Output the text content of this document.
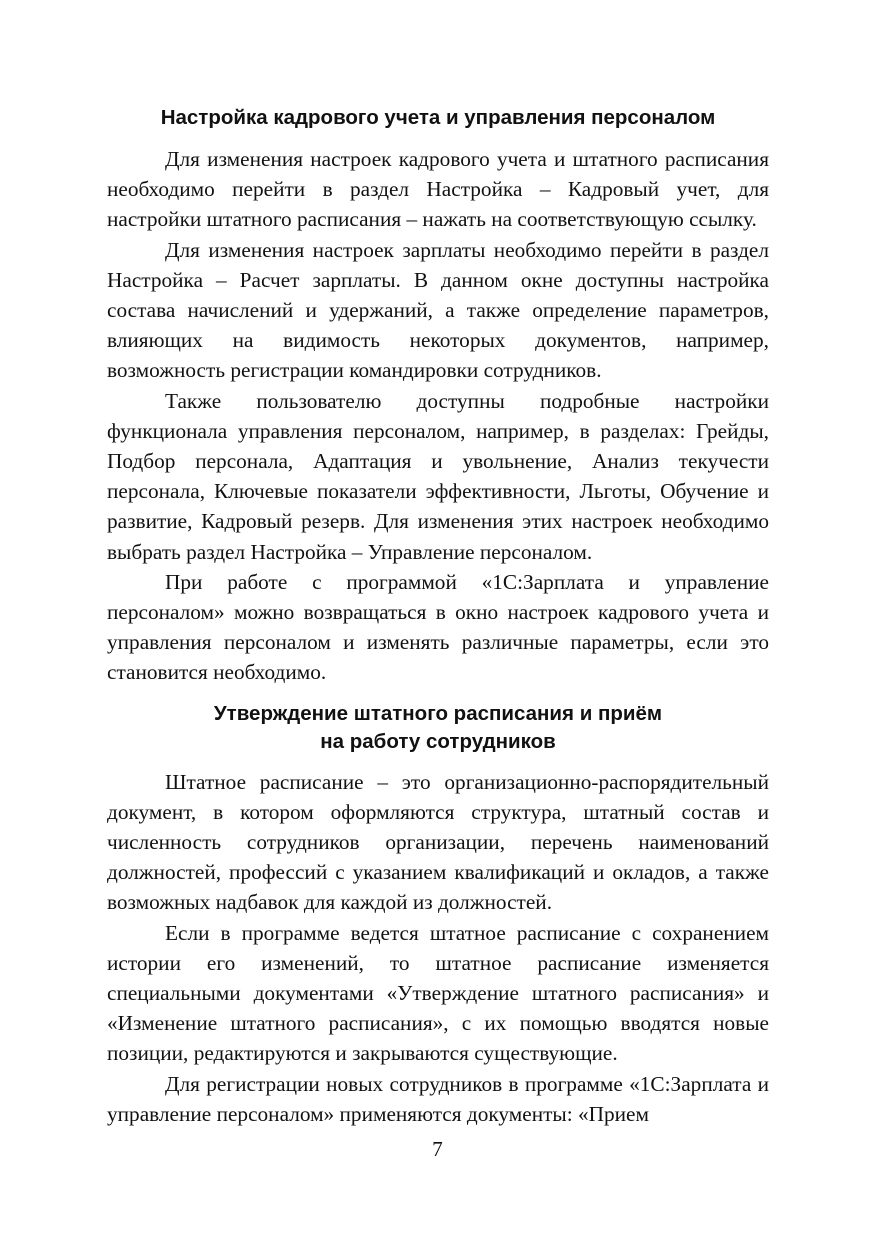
Настройка кадрового учета и управления персоналом

Для изменения настроек кадрового учета и штатного расписания необходимо перейти в раздел Настройка – Кадровый учет, для настройки штатного расписания – нажать на соответствующую ссылку.

Для изменения настроек зарплаты необходимо перейти в раздел Настройка – Расчет зарплаты. В данном окне доступны настройка состава начислений и удержаний, а также определение параметров, влияющих на видимость некоторых документов, например, возможность регистрации командировки сотрудников.

Также пользователю доступны подробные настройки функционала управления персоналом, например, в разделах: Грейды, Подбор персонала, Адаптация и увольнение, Анализ текучести персонала, Ключевые показатели эффективности, Льготы, Обучение и развитие, Кадровый резерв. Для изменения этих настроек необходимо выбрать раздел Настройка – Управление персоналом.

При работе с программой «1С:Зарплата и управление персоналом» можно возвращаться в окно настроек кадрового учета и управления персоналом и изменять различные параметры, если это становится необходимо.

Утверждение штатного расписания и приём
на работу сотрудников

Штатное расписание – это организационно-распорядительный документ, в котором оформляются структура, штатный состав и численность сотрудников организации, перечень наименований должностей, профессий с указанием квалификаций и окладов, а также возможных надбавок для каждой из должностей.

Если в программе ведется штатное расписание с сохранением истории его изменений, то штатное расписание изменяется специальными документами «Утверждение штатного расписания» и «Изменение штатного расписания», с их помощью вводятся новые позиции, редактируются и закрываются существующие.

Для регистрации новых сотрудников в программе «1С:Зарплата и управление персоналом» применяются документы: «Прием

7
